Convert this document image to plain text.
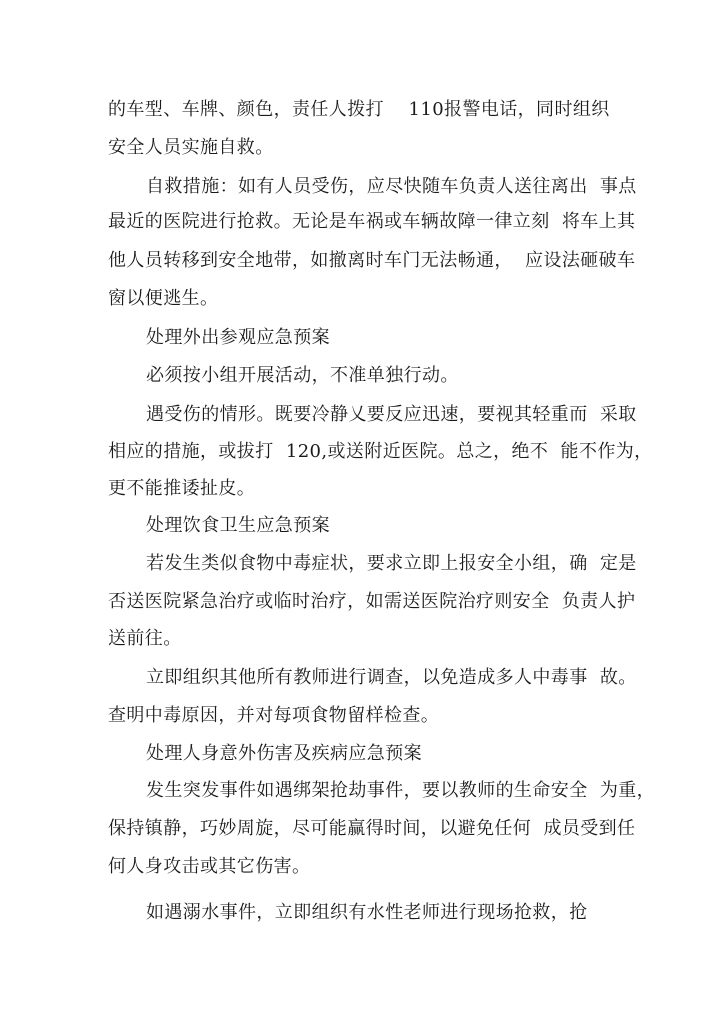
的车型、车牌、颜色，责任人拨打    110报警电话，同时组织
安全人员实施自救。
自救措施：如有人员受伤，应尽快随车负责人送往离出  事点
最近的医院进行抢救。无论是车祸或车辆故障一律立刻  将车上其
他人员转移到安全地带，如撤离时车门无法畅通，  应设法砸破车
窗以便逃生。
处理外出参观应急预案
必须按小组开展活动，不准单独行动。
遇受伤的情形。既要冷静乂要反应迅速，要视其轻重而  采取
相应的措施，或拔打  120,或送附近医院。总之，绝不  能不作为，
更不能推诿扯皮。
处理饮食卫生应急预案
若发生类似食物中毒症状，要求立即上报安全小组，确  定是
否送医院紧急治疗或临时治疗，如需送医院治疗则安全  负责人护
送前往。
立即组织其他所有教师进行调查，以免造成多人中毒事  故。
查明中毒原因，并对每项食物留样检查。
处理人身意外伤害及疾病应急预案
发生突发事件如遇绑架抢劫事件，要以教师的生命安全  为重，
保持镇静，巧妙周旋，尽可能赢得时间，以避免任何  成员受到任
何人身攻击或其它伤害。
如遇溺水事件，立即组织有水性老师进行现场抢救，抢
